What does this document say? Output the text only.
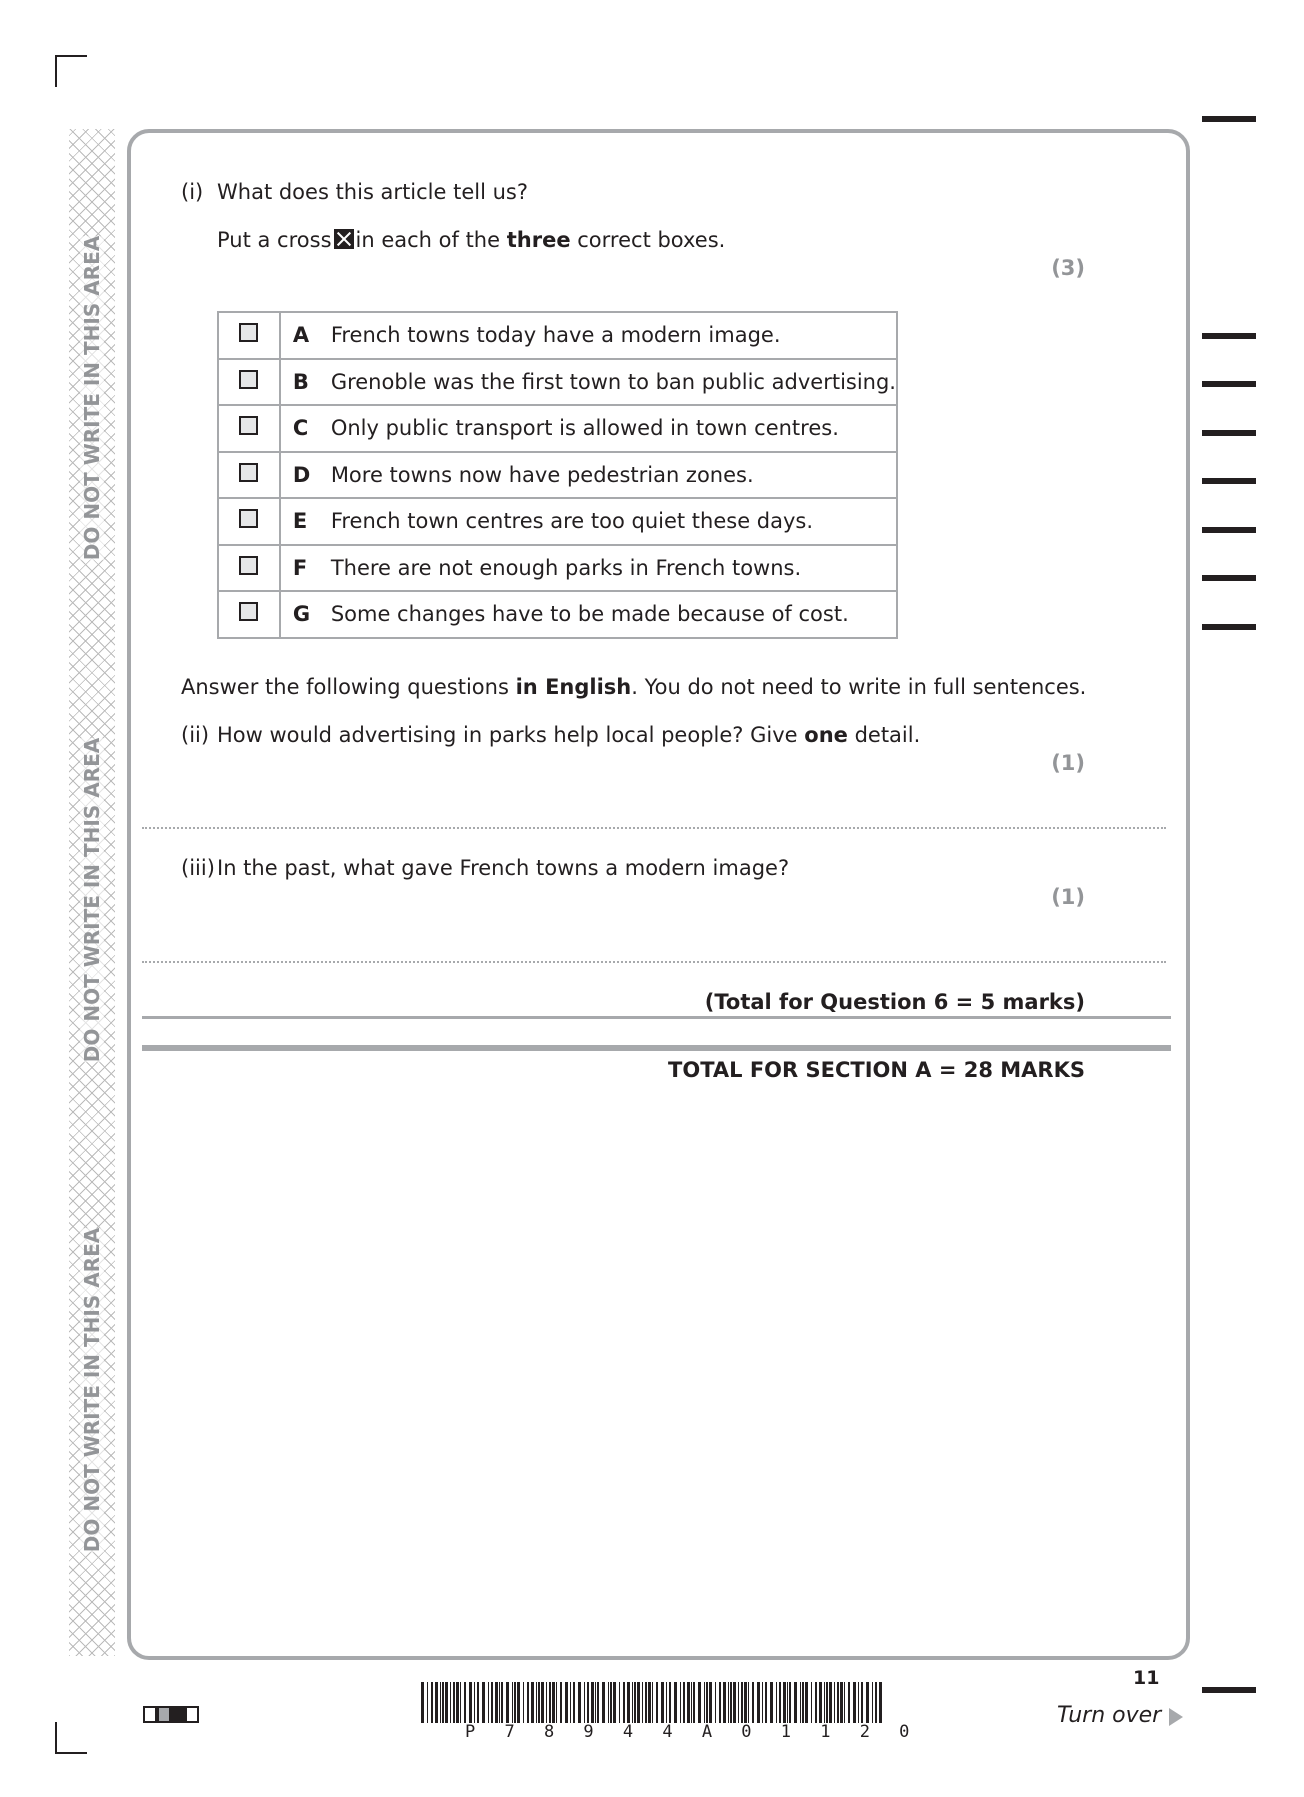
DO NOT WRITE IN THIS AREA
DO NOT WRITE IN THIS AREA
DO NOT WRITE IN THIS AREA
(i) What does this article tell us?
Put a cross ☒ in each of the three correct boxes.
(3)
	A French towns today have a modern image.
	B Grenoble was the first town to ban public advertising.
	C Only public transport is allowed in town centres.
	D More towns now have pedestrian zones.
	E French town centres are too quiet these days.
	F There are not enough parks in French towns.
	G Some changes have to be made because of cost.
Answer the following questions in English. You do not need to write in full sentences.
(ii) How would advertising in parks help local people? Give one detail.
(1)
(iii) In the past, what gave French towns a modern image?
(1)
(Total for Question 6 = 5 marks)
TOTAL FOR SECTION A = 28 MARKS
11
Turn over
P 7 8 9 4 4 A 0 1 1 2 0
